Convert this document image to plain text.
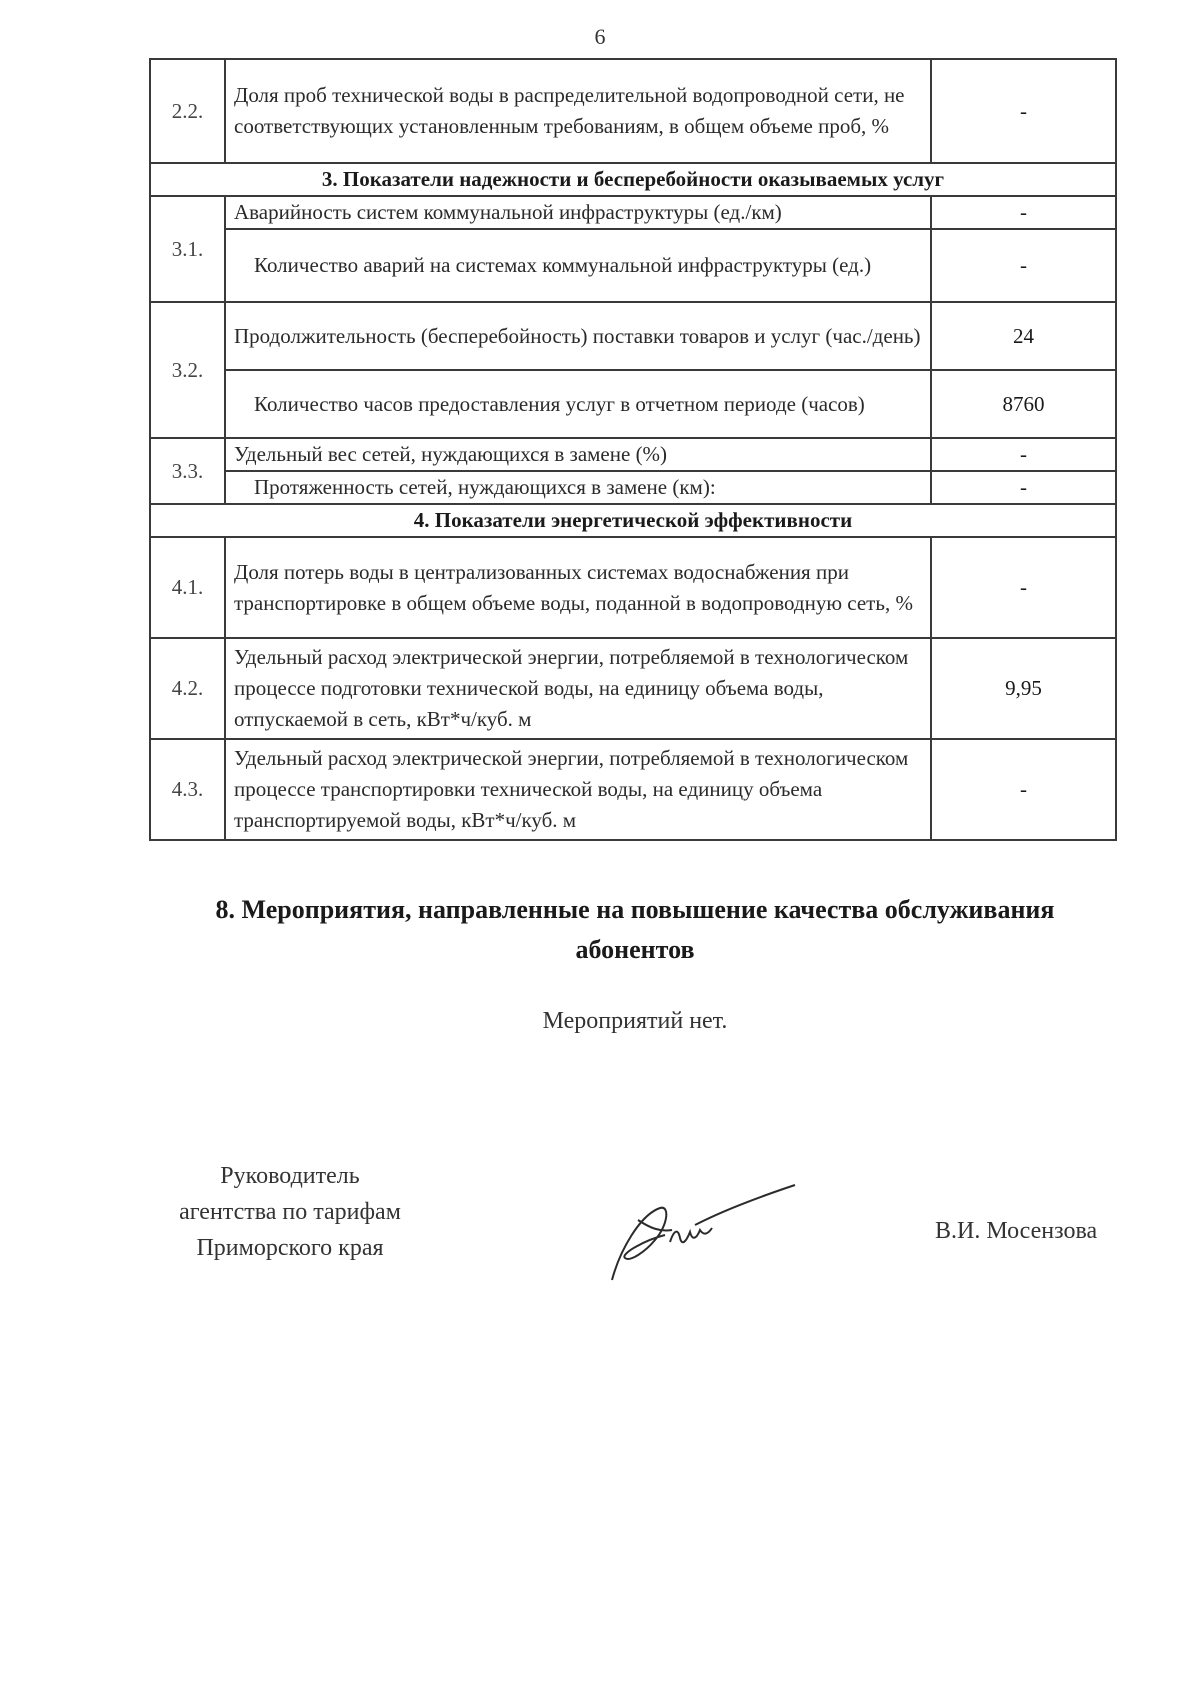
6
2.2.	Доля проб технической воды в распределительной водопроводной сети, не соответствующих установленным требованиям, в общем объеме проб, %	-
3. Показатели надежности и бесперебойности оказываемых услуг		
3.1.	Аварийность систем коммунальной инфраструктуры (ед./км)	-
	Количество аварий на системах коммунальной инфраструктуры (ед.)	-
3.2.	Продолжительность (бесперебойность) поставки товаров и услуг (час./день)	24
	Количество часов предоставления услуг в отчетном периоде (часов)	8760
3.3.	Удельный вес сетей, нуждающихся в замене (%)	-
	Протяженность сетей, нуждающихся в замене (км):	-
4. Показатели энергетической эффективности		
4.1.	Доля потерь воды в централизованных системах водоснабжения при транспортировке в общем объеме воды, поданной в водопроводную сеть, %	-
4.2.	Удельный расход электрической энергии, потребляемой в технологическом процессе подготовки технической воды, на единицу объема воды, отпускаемой в сеть, кВт*ч/куб. м	9,95
4.3.	Удельный расход электрической энергии, потребляемой в технологическом процессе транспортировки технической воды, на единицу объема транспортируемой воды, кВт*ч/куб. м	-
8. Мероприятия, направленные на повышение качества обслуживания
абонентов
Мероприятий нет.
Руководитель
агентства по тарифам
Приморского края
В.И. Мосензова
